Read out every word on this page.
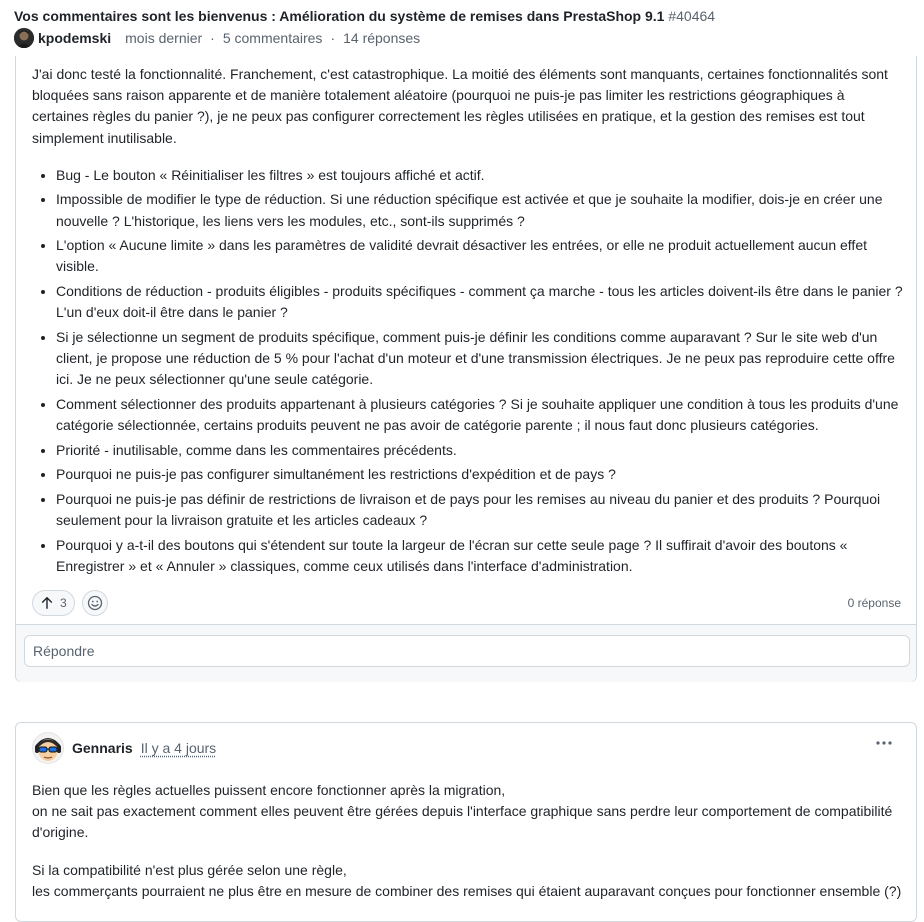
Vos commentaires sont les bienvenus : Amélioration du système de remises dans PrestaShop 9.1 #40464
kpodemski mois dernier · 5 commentaires · 14 réponses

J'ai donc testé la fonctionnalité. Franchement, c'est catastrophique. La moitié des éléments sont manquants, certaines fonctionnalités sont bloquées sans raison apparente et de manière totalement aléatoire (pourquoi ne puis-je pas limiter les restrictions géographiques à certaines règles du panier ?), je ne peux pas configurer correctement les règles utilisées en pratique, et la gestion des remises est tout simplement inutilisable.

• Bug - Le bouton « Réinitialiser les filtres » est toujours affiché et actif.
• Impossible de modifier le type de réduction. Si une réduction spécifique est activée et que je souhaite la modifier, dois-je en créer une nouvelle ? L'historique, les liens vers les modules, etc., sont-ils supprimés ?
• L'option « Aucune limite » dans les paramètres de validité devrait désactiver les entrées, or elle ne produit actuellement aucun effet visible.
• Conditions de réduction - produits éligibles - produits spécifiques - comment ça marche - tous les articles doivent-ils être dans le panier ? L'un d'eux doit-il être dans le panier ?
• Si je sélectionne un segment de produits spécifique, comment puis-je définir les conditions comme auparavant ? Sur le site web d'un client, je propose une réduction de 5 % pour l'achat d'un moteur et d'une transmission électriques. Je ne peux pas reproduire cette offre ici. Je ne peux sélectionner qu'une seule catégorie.
• Comment sélectionner des produits appartenant à plusieurs catégories ? Si je souhaite appliquer une condition à tous les produits d'une catégorie sélectionnée, certains produits peuvent ne pas avoir de catégorie parente ; il nous faut donc plusieurs catégories.
• Priorité - inutilisable, comme dans les commentaires précédents.
• Pourquoi ne puis-je pas configurer simultanément les restrictions d'expédition et de pays ?
• Pourquoi ne puis-je pas définir de restrictions de livraison et de pays pour les remises au niveau du panier et des produits ? Pourquoi seulement pour la livraison gratuite et les articles cadeaux ?
• Pourquoi y a-t-il des boutons qui s'étendent sur toute la largeur de l'écran sur cette seule page ? Il suffirait d'avoir des boutons « Enregistrer » et « Annuler » classiques, comme ceux utilisés dans l'interface d'administration.
3	0 réponse
Répondre
Gennaris Il y a 4 jours

Bien que les règles actuelles puissent encore fonctionner après la migration,
on ne sait pas exactement comment elles peuvent être gérées depuis l'interface graphique sans perdre leur comportement de compatibilité d'origine.

Si la compatibilité n'est plus gérée selon une règle,
les commerçants pourraient ne plus être en mesure de combiner des remises qui étaient auparavant conçues pour fonctionner ensemble (?)
